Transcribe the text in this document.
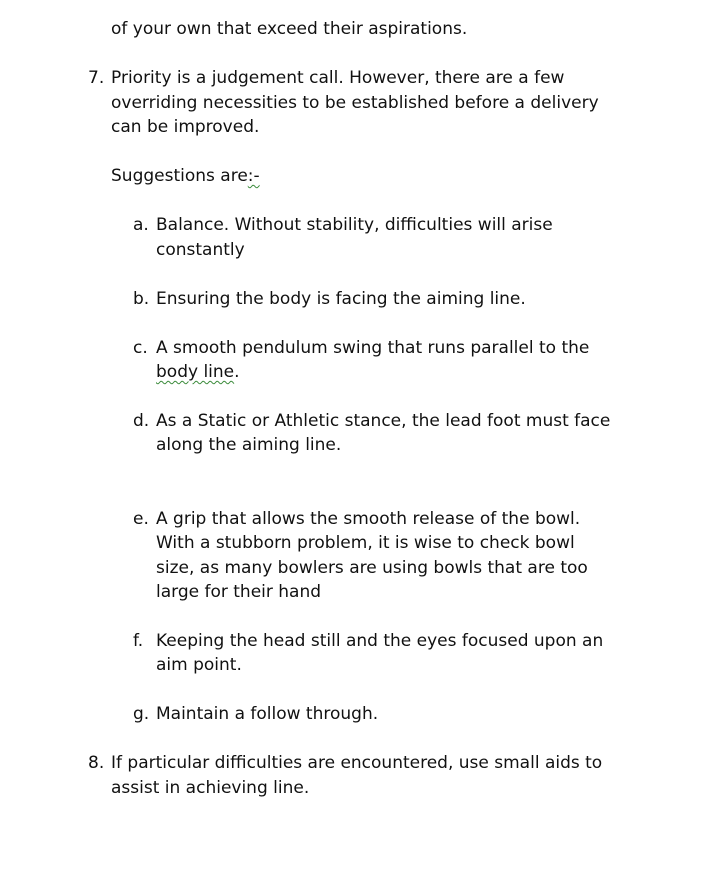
of your own that exceed their aspirations.
7. Priority is a judgement call. However, there are a few
overriding necessities to be established before a delivery
can be improved.
Suggestions are:-
a. Balance. Without stability, difficulties will arise
constantly
b. Ensuring the body is facing the aiming line.
c. A smooth pendulum swing that runs parallel to the
body line.
d. As a Static or Athletic stance, the lead foot must face
along the aiming line.
e. A grip that allows the smooth release of the bowl.
With a stubborn problem, it is wise to check bowl
size, as many bowlers are using bowls that are too
large for their hand
f. Keeping the head still and the eyes focused upon an
aim point.
g. Maintain a follow through.
8. If particular difficulties are encountered, use small aids to
assist in achieving line.
